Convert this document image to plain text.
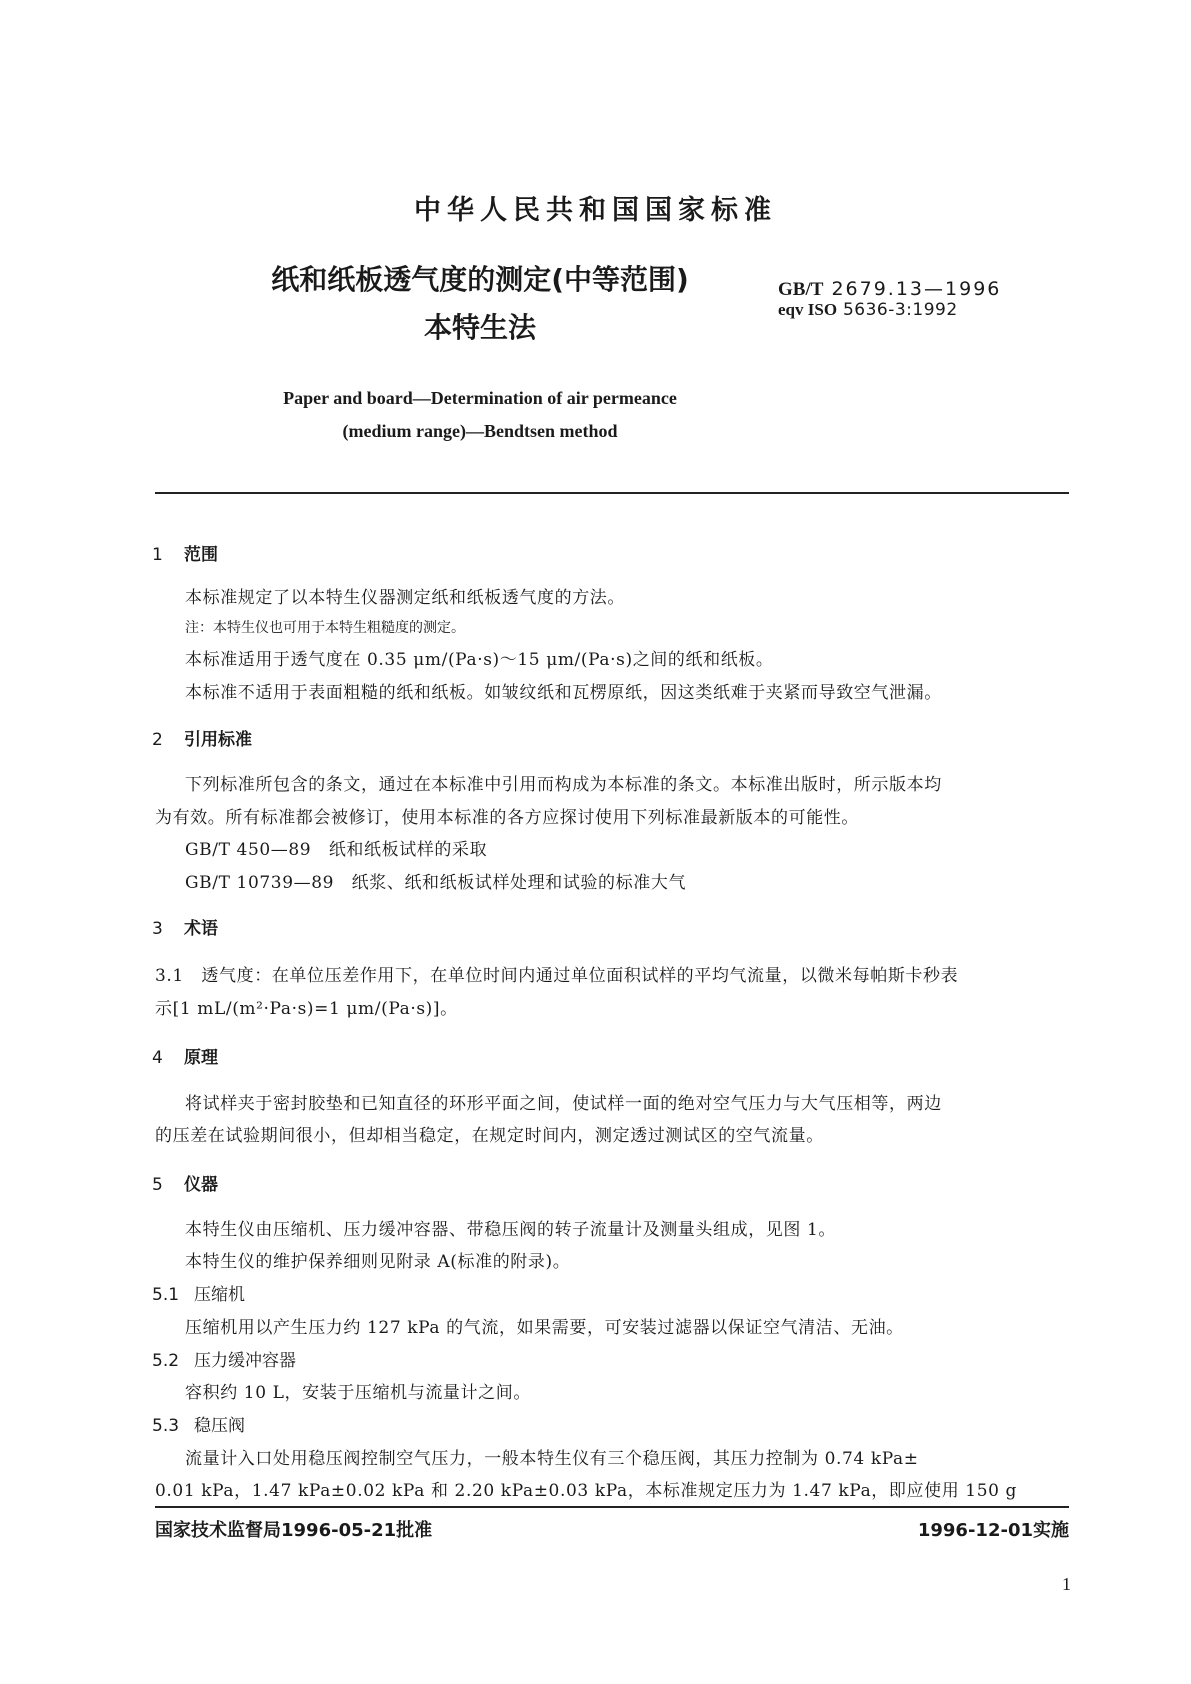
中华人民共和国国家标准
纸和纸板透气度的测定(中等范围)
本特生法
GB/T 2679.13—1996
eqv ISO 5636-3:1992
Paper and board—Determination of air permeance
(medium range)—Bendtsen method
1 范围
本标准规定了以本特生仪器测定纸和纸板透气度的方法。
注：本特生仪也可用于本特生粗糙度的测定。
本标准适用于透气度在 0.35 μm/(Pa·s)～15 μm/(Pa·s)之间的纸和纸板。
本标准不适用于表面粗糙的纸和纸板。如皱纹纸和瓦楞原纸，因这类纸难于夹紧而导致空气泄漏。
2 引用标准
下列标准所包含的条文，通过在本标准中引用而构成为本标准的条文。本标准出版时，所示版本均
为有效。所有标准都会被修订，使用本标准的各方应探讨使用下列标准最新版本的可能性。
GB/T 450—89　纸和纸板试样的采取
GB/T 10739—89　纸浆、纸和纸板试样处理和试验的标准大气
3 术语
3.1　透气度：在单位压差作用下，在单位时间内通过单位面积试样的平均气流量，以微米每帕斯卡秒表
示[1 mL/(m²·Pa·s)=1 μm/(Pa·s)]。
4 原理
将试样夹于密封胶垫和已知直径的环形平面之间，使试样一面的绝对空气压力与大气压相等，两边
的压差在试验期间很小，但却相当稳定，在规定时间内，测定透过测试区的空气流量。
5 仪器
本特生仪由压缩机、压力缓冲容器、带稳压阀的转子流量计及测量头组成，见图 1。
本特生仪的维护保养细则见附录 A(标准的附录)。
5.1 压缩机
压缩机用以产生压力约 127 kPa 的气流，如果需要，可安装过滤器以保证空气清洁、无油。
5.2 压力缓冲容器
容积约 10 L，安装于压缩机与流量计之间。
5.3 稳压阀
流量计入口处用稳压阀控制空气压力，一般本特生仪有三个稳压阀，其压力控制为 0.74 kPa±
0.01 kPa，1.47 kPa±0.02 kPa 和 2.20 kPa±0.03 kPa，本标准规定压力为 1.47 kPa，即应使用 150 g
国家技术监督局1996-05-21批准	1996-12-01实施
1
